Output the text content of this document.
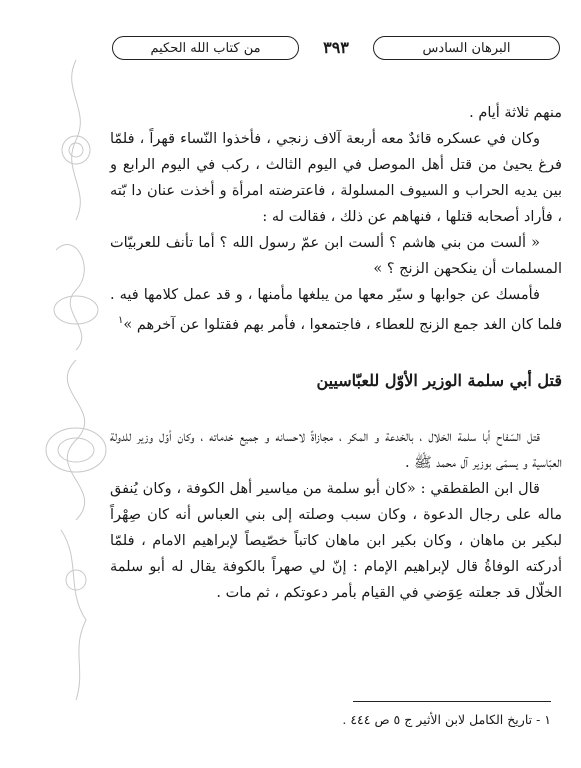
البرهان السادس
٣٩٣
من كتاب الله الحكيم

منهم ثلاثة أيام .

وكان في عسكره قائدٌ معه أربعة آلاف زنجي ، فأخذوا النّساء قهراً ، فلمّا فرغ يحيىٰ من قتل أهل الموصل في اليوم الثالث ، ركب في اليوم الرابع و بين يديه الحراب و السيوف المسلولة ، فاعترضته امرأة و أخذت عنان دا بّته ، فأراد أصحابه قتلها ، فنهاهم عن ذلك ، فقالت له :

« ألست من بني هاشم ؟ ألست ابن عمّ رسول الله ؟ أما تأنف للعربيّات المسلمات أن ينكحهن الزنج ؟ »

فأمسك عن جوابها و سيّر معها من يبلغها مأمنها ، و قد عمل كلامها فيه . فلما كان الغد جمع الزنج للعطاء ، فاجتمعوا ، فأمر بهم فقتلوا عن آخرهم »$^١$

قتل أبي سلمة الوزير الأوّل للعبّاسيين

قتل السّفاح أبا سلمة الخلال ، بالخدعة و المكر ، مجازاةً لاحسانه و جميع خدماته ، وكان أوّل وزير للدولة العبّاسية و يسمّى بوزير آل محمد ﷺ .

قال ابن الطقطقي : «كان أبو سلمة من مياسير أهل الكوفة ، وكان يُنفق ماله على رجال الدعوة ، وكان سبب وصلته إلى بني العباس أنه كان صِهْراً لبكير بن ماهان ، وكان بكير ابن ماهان كاتباً خصّيصاً لإبراهيم الامام ، فلمّا أدركته الوفاةُ قال لإبراهيم الإمام : إنّ لي صهراً بالكوفة يقال له أبو سلمة الخلّال قد جعلته عِوَضي في القيام بأمر دعوتكم ، ثم مات .

١ - تاريخ الكامل لابن الأثير ج ٥ ص ٤٤٤ .
